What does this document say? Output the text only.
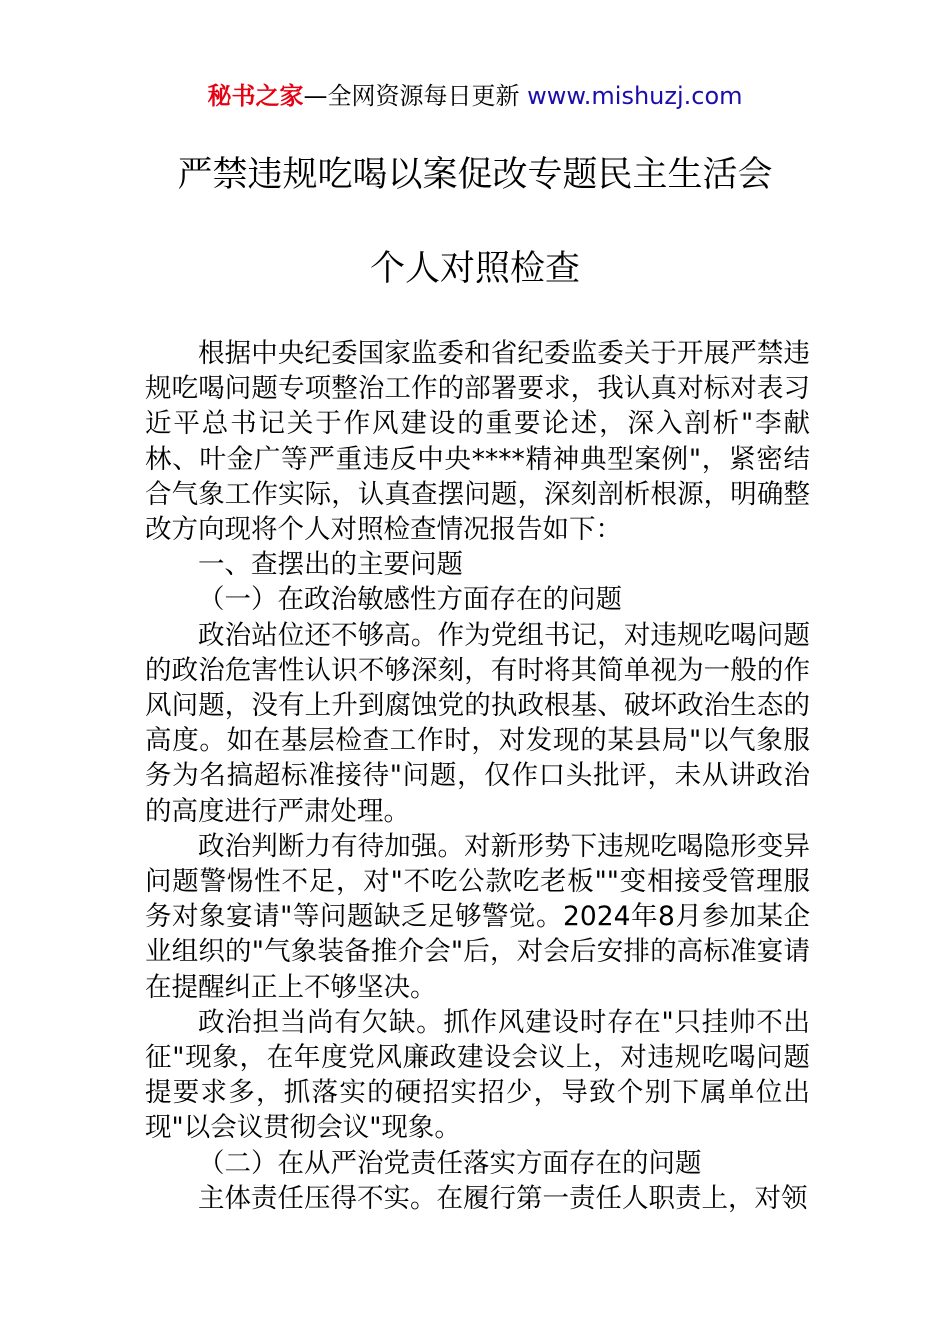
秘书之家—全网资源每日更新 www.mishuzj.com
严禁违规吃喝以案促改专题民主生活会
个人对照检查

根据中央纪委国家监委和省纪委监委关于开展严禁违规吃喝问题专项整治工作的部署要求，我认真对标对表习近平总书记关于作风建设的重要论述，深入剖析"李献林、叶金广等严重违反中央****精神典型案例"，紧密结合气象工作实际，认真查摆问题，深刻剖析根源，明确整改方向现将个人对照检查情况报告如下：

一、查摆出的主要问题

（一）在政治敏感性方面存在的问题

政治站位还不够高。作为党组书记，对违规吃喝问题的政治危害性认识不够深刻，有时将其简单视为一般的作风问题，没有上升到腐蚀党的执政根基、破坏政治生态的高度。如在基层检查工作时，对发现的某县局"以气象服务为名搞超标准接待"问题，仅作口头批评，未从讲政治的高度进行严肃处理。

政治判断力有待加强。对新形势下违规吃喝隐形变异问题警惕性不足，对"不吃公款吃老板""变相接受管理服务对象宴请"等问题缺乏足够警觉。2024年8月参加某企业组织的"气象装备推介会"后，对会后安排的高标准宴请在提醒纠正上不够坚决。

政治担当尚有欠缺。抓作风建设时存在"只挂帅不出征"现象，在年度党风廉政建设会议上，对违规吃喝问题提要求多，抓落实的硬招实招少，导致个别下属单位出现"以会议贯彻会议"现象。

（二）在从严治党责任落实方面存在的问题

主体责任压得不实。在履行第一责任人职责上，对领
